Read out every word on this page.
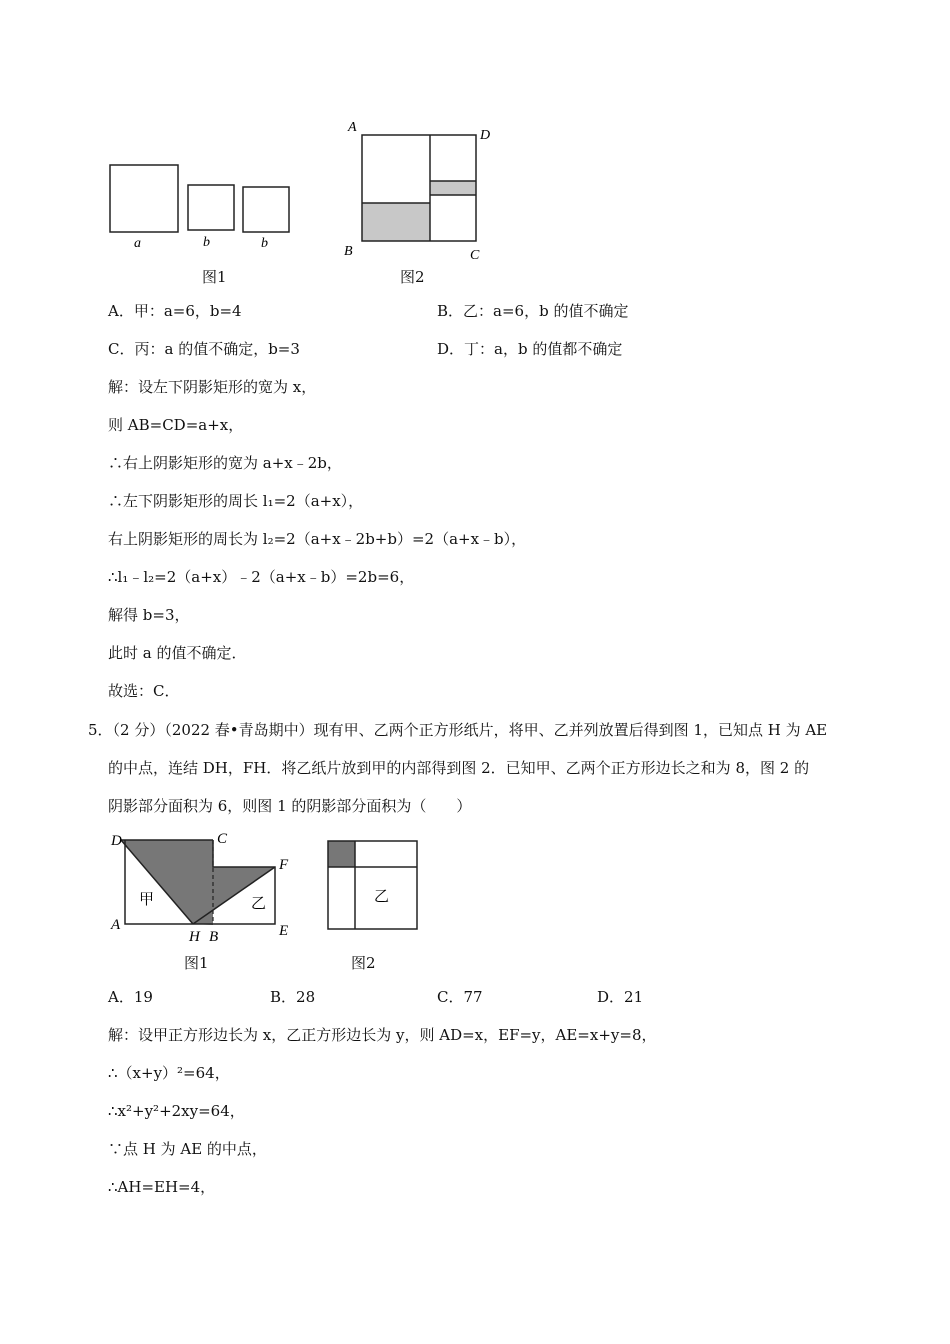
a	b	b
图1
A
D
B	C
图2
A．甲：a=6，b=4	B．乙：a=6，b 的值不确定
C．丙：a 的值不确定，b=3	D．丁：a，b 的值都不确定
解：设左下阴影矩形的宽为 x，
则 AB=CD=a+x，
∴右上阴影矩形的宽为 a+x﹣2b，
∴左下阴影矩形的周长 l₁=2（a+x），
右上阴影矩形的周长为 l₂=2（a+x﹣2b+b）=2（a+x﹣b），
∴l₁﹣l₂=2（a+x）﹣2（a+x﹣b）=2b=6，
解得 b=3，
此时 a 的值不确定．
故选：C．
5．（2 分）（2022 春•青岛期中）现有甲、乙两个正方形纸片，将甲、乙并列放置后得到图 1，已知点 H 为 AE
的中点，连结 DH，FH．将乙纸片放到甲的内部得到图 2．已知甲、乙两个正方形边长之和为 8，图 2 的
阴影部分面积为 6，则图 1 的阴影部分面积为（　　）
D	C
F
A
H B	E
甲	乙
图1
乙
图2
A．19	B．28	C．77	D．21
解：设甲正方形边长为 x，乙正方形边长为 y，则 AD=x，EF=y，AE=x+y=8，
∴（x+y）²=64，
∴x²+y²+2xy=64，
∵点 H 为 AE 的中点，
∴AH=EH=4，
